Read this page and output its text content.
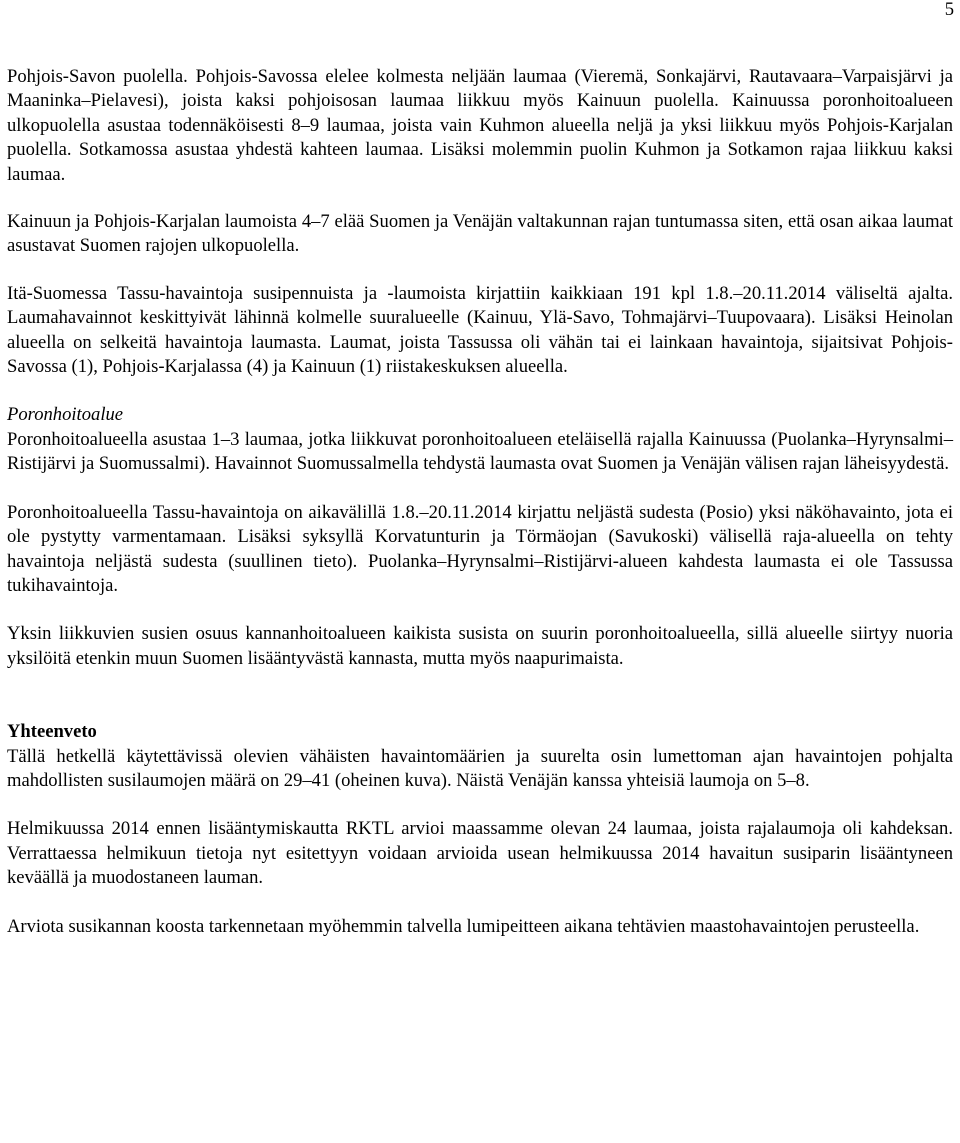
5

Pohjois-Savon puolella. Pohjois-Savossa elelee kolmesta neljään laumaa (Vieremä, Sonkajärvi, Rautavaara–Varpaisjärvi ja Maaninka–Pielavesi), joista kaksi pohjoisosan laumaa liikkuu myös Kainuun puolella. Kainuussa poronhoitoalueen ulkopuolella asustaa todennäköisesti 8–9 laumaa, joista vain Kuhmon alueella neljä ja yksi liikkuu myös Pohjois-Karjalan puolella. Sotkamossa asustaa yhdestä kahteen laumaa. Lisäksi molemmin puolin Kuhmon ja Sotkamon rajaa liikkuu kaksi laumaa.

Kainuun ja Pohjois-Karjalan laumoista 4–7 elää Suomen ja Venäjän valtakunnan rajan tuntumassa siten, että osan aikaa laumat asustavat Suomen rajojen ulkopuolella.

Itä-Suomessa Tassu-havaintoja susipennuista ja -laumoista kirjattiin kaikkiaan 191 kpl 1.8.–20.11.2014 väliseltä ajalta. Laumahavainnot keskittyivät lähinnä kolmelle suuralueelle (Kainuu, Ylä-Savo, Tohmajärvi–Tuupovaara). Lisäksi Heinolan alueella on selkeitä havaintoja laumasta. Laumat, joista Tassussa oli vähän tai ei lainkaan havaintoja, sijaitsivat Pohjois-Savossa (1), Pohjois-Karjalassa (4) ja Kainuun (1) riistakeskuksen alueella.

Poronhoitoalue

Poronhoitoalueella asustaa 1–3 laumaa, jotka liikkuvat poronhoitoalueen eteläisellä rajalla Kainuussa (Puolanka–Hyrynsalmi–Ristijärvi ja Suomussalmi). Havainnot Suomussalmella tehdystä laumasta ovat Suomen ja Venäjän välisen rajan läheisyydestä.

Poronhoitoalueella Tassu-havaintoja on aikavälillä 1.8.–20.11.2014 kirjattu neljästä sudesta (Posio) yksi näköhavainto, jota ei ole pystytty varmentamaan. Lisäksi syksyllä Korvatunturin ja Törmäojan (Savukoski) välisellä raja-alueella on tehty havaintoja neljästä sudesta (suullinen tieto). Puolanka–Hyrynsalmi–Ristijärvi-alueen kahdesta laumasta ei ole Tassussa tukihavaintoja.

Yksin liikkuvien susien osuus kannanhoitoalueen kaikista susista on suurin poronhoitoalueella, sillä alueelle siirtyy nuoria yksilöitä etenkin muun Suomen lisääntyvästä kannasta, mutta myös naapurimaista.

Yhteenveto

Tällä hetkellä käytettävissä olevien vähäisten havaintomäärien ja suurelta osin lumettoman ajan havaintojen pohjalta mahdollisten susilaumojen määrä on 29–41 (oheinen kuva). Näistä Venäjän kanssa yhteisiä laumoja on 5–8.

Helmikuussa 2014 ennen lisääntymiskautta RKTL arvioi maassamme olevan 24 laumaa, joista rajalaumoja oli kahdeksan. Verrattaessa helmikuun tietoja nyt esitettyyn voidaan arvioida usean helmikuussa 2014 havaitun susiparin lisääntyneen keväällä ja muodostaneen lauman.

Arviota susikannan koosta tarkennetaan myöhemmin talvella lumipeitteen aikana tehtävien maastohavaintojen perusteella.
